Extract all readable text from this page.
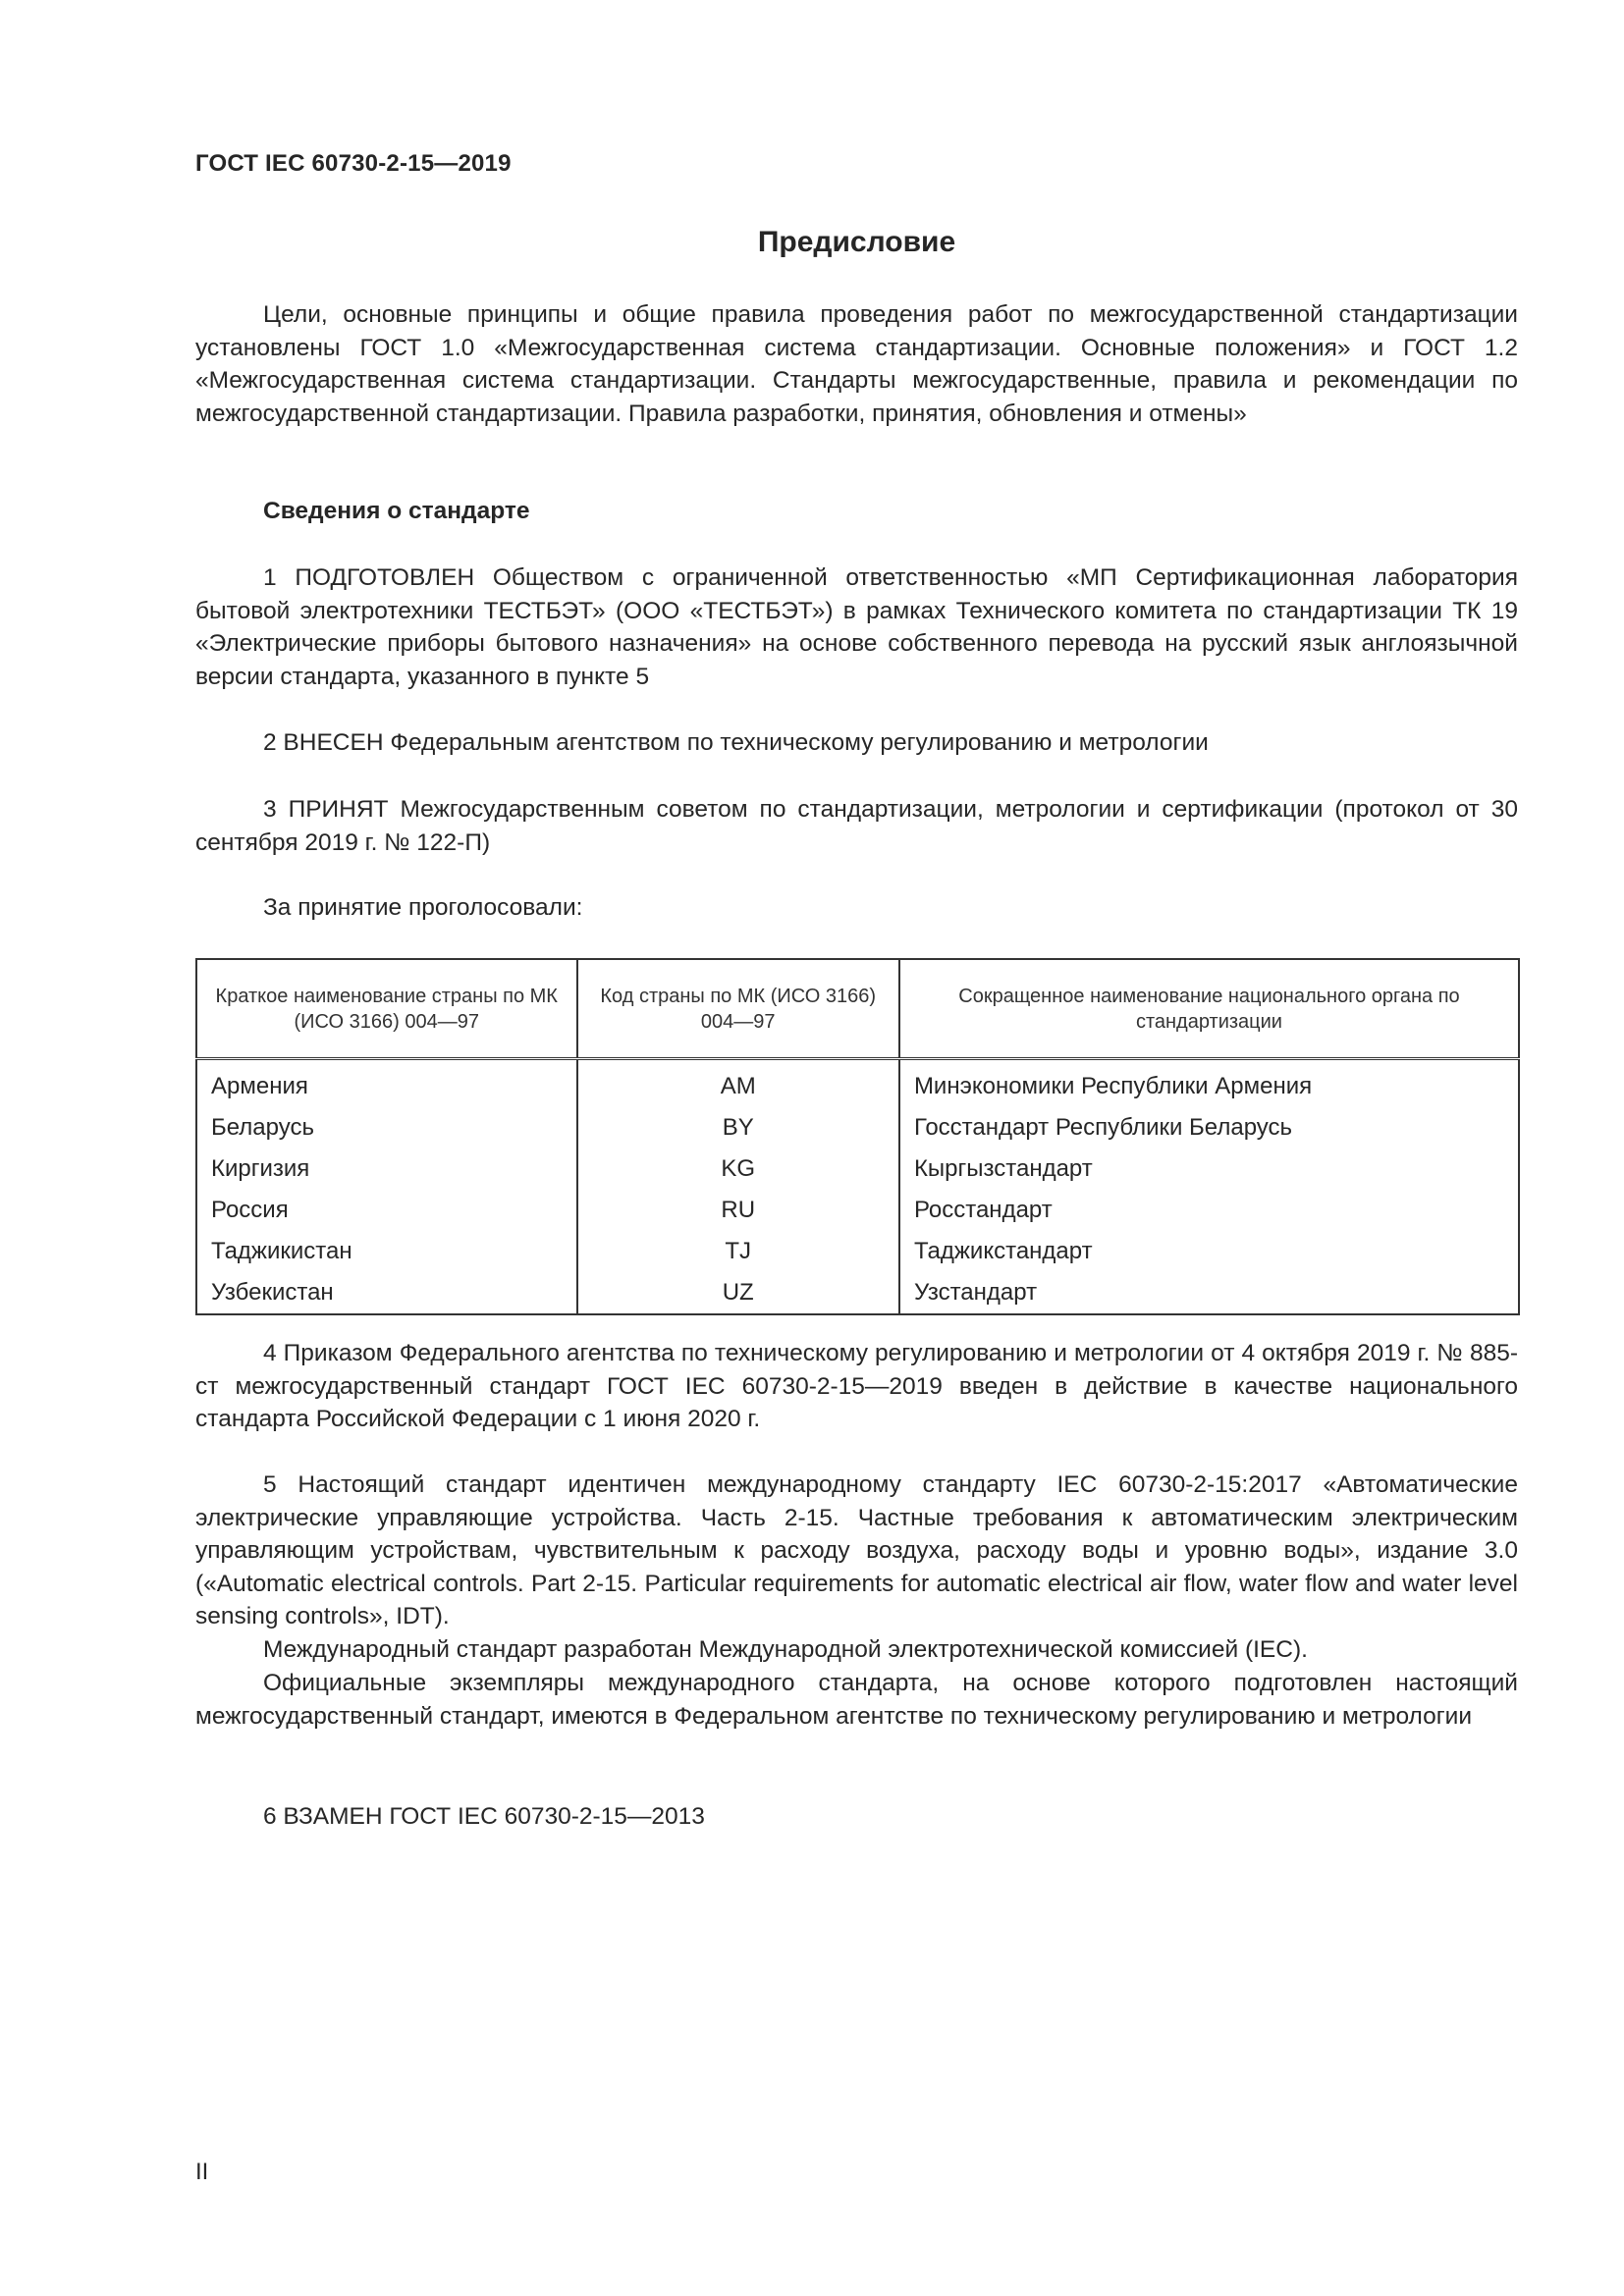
ГОСТ IEC 60730-2-15—2019
Предисловие

Цели, основные принципы и общие правила проведения работ по межгосударственной стандартизации установлены ГОСТ 1.0 «Межгосударственная система стандартизации. Основные положения» и ГОСТ 1.2 «Межгосударственная система стандартизации. Стандарты межгосударственные, правила и рекомендации по межгосударственной стандартизации. Правила разработки, принятия, обновления и отмены»

Сведения о стандарте

1 ПОДГОТОВЛЕН Обществом с ограниченной ответственностью «МП Сертификационная лаборатория бытовой электротехники ТЕСТБЭТ» (ООО «ТЕСТБЭТ») в рамках Технического комитета по стандартизации ТК 19 «Электрические приборы бытового назначения» на основе собственного перевода на русский язык англоязычной версии стандарта, указанного в пункте 5

2 ВНЕСЕН Федеральным агентством по техническому регулированию и метрологии

3 ПРИНЯТ Межгосударственным советом по стандартизации, метрологии и сертификации (протокол от 30 сентября 2019 г. № 122-П)

За принятие проголосовали:

Краткое наименование страны по МК (ИСО 3166) 004—97	Код страны по МК (ИСО 3166) 004—97	Сокращенное наименование национального органа по стандартизации
Армения	AM	Минэкономики Республики Армения
Беларусь	BY	Госстандарт Республики Беларусь
Киргизия	KG	Кыргызстандарт
Россия	RU	Росстандарт
Таджикистан	TJ	Таджикстандарт
Узбекистан	UZ	Узстандарт

4 Приказом Федерального агентства по техническому регулированию и метрологии от 4 октября 2019 г. № 885-ст межгосударственный стандарт ГОСТ IEC 60730-2-15—2019 введен в действие в качестве национального стандарта Российской Федерации с 1 июня 2020 г.

5 Настоящий стандарт идентичен международному стандарту IEC 60730-2-15:2017 «Автоматические электрические управляющие устройства. Часть 2-15. Частные требования к автоматическим электрическим управляющим устройствам, чувствительным к расходу воздуха, расходу воды и уровню воды», издание 3.0 («Automatic electrical controls. Part 2-15. Particular requirements for automatic electrical air flow, water flow and water level sensing controls», IDT).

Международный стандарт разработан Международной электротехнической комиссией (IEC).

Официальные экземпляры международного стандарта, на основе которого подготовлен настоящий межгосударственный стандарт, имеются в Федеральном агентстве по техническому регулированию и метрологии

6 ВЗАМЕН ГОСТ IEC 60730-2-15—2013

II
